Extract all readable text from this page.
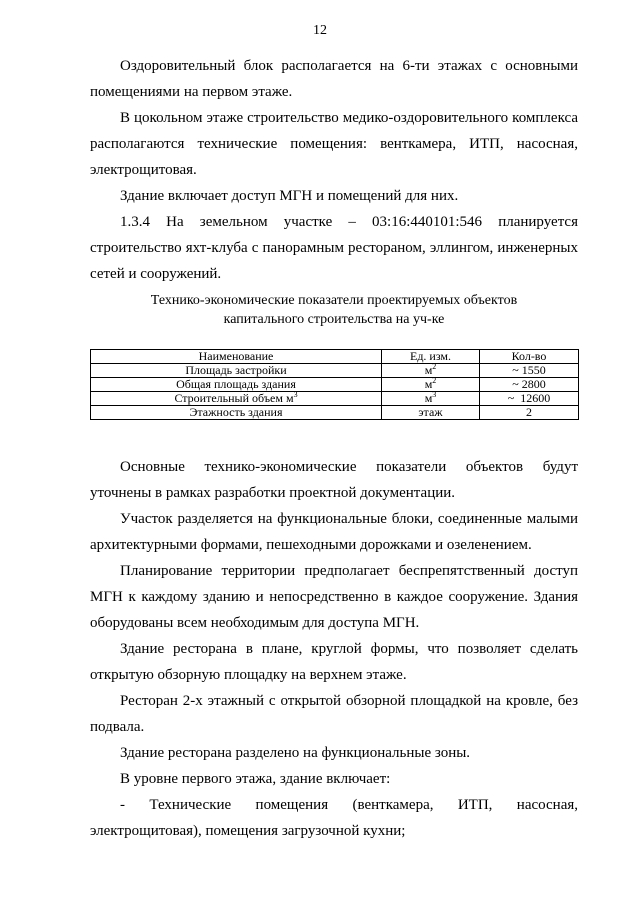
12

Оздоровительный блок располагается на 6-ти этажах с основными помещениями на первом этаже.

В цокольном этаже строительство медико-оздоровительного комплекса располагаются технические помещения: венткамера, ИТП, насосная, электрощитовая.

Здание включает доступ МГН и помещений для них.

1.3.4 На земельном участке – 03:16:440101:546 планируется строительство яхт-клуба с панорамным рестораном, эллингом, инженерных сетей и сооружений.

Технико-экономические показатели проектируемых объектов
капитального строительства на уч-ке
Наименование	Ед. изм.	Кол-во
Площадь застройки	$м^2$	~ 1550
Общая площадь здания	$м^2$	~ 2800
Строительный объем $м^3$	$м^3$	~  12600
Этажность здания	этаж	2

Основные технико-экономические показатели объектов будут уточнены в рамках разработки проектной документации.

Участок разделяется на функциональные блоки, соединенные малыми архитектурными формами, пешеходными дорожками и озеленением.

Планирование территории предполагает беспрепятственный доступ МГН к каждому зданию и непосредственно в каждое сооружение. Здания оборудованы всем необходимым для доступа МГН.

Здание ресторана в плане, круглой формы, что позволяет сделать открытую обзорную площадку на верхнем этаже.

Ресторан 2-х этажный с открытой обзорной площадкой на кровле, без подвала.

Здание ресторана разделено на функциональные зоны.

В уровне первого этажа, здание включает:

- Технические помещения (венткамера, ИТП, насосная, электрощитовая), помещения загрузочной кухни;
